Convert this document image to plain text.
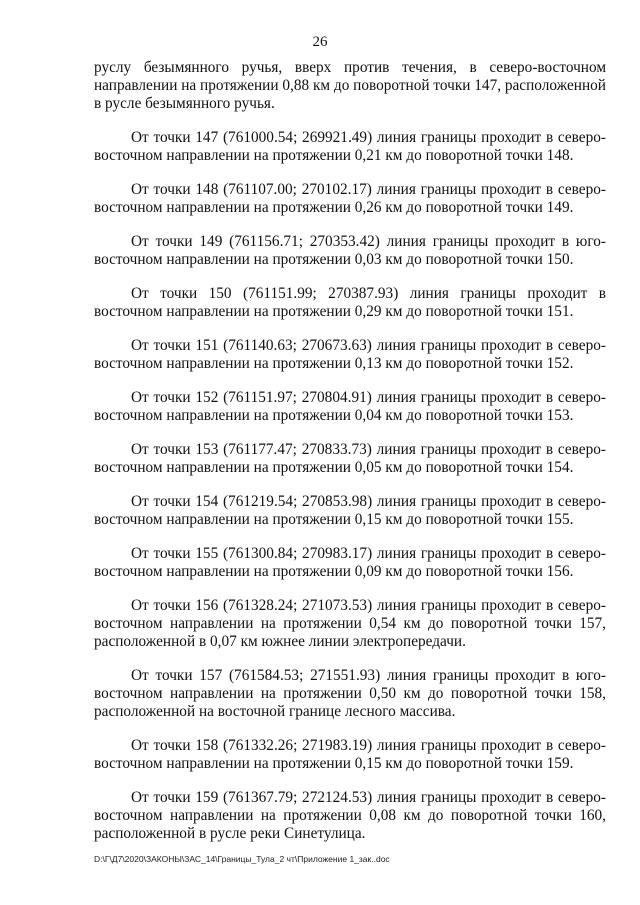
26

руслу безымянного ручья, вверх против течения, в северо-восточном направлении на протяжении 0,88 км до поворотной точки 147, расположенной в русле безымянного ручья.

От точки 147 (761000.54; 269921.49) линия границы проходит в северо-восточном направлении на протяжении 0,21 км до поворотной точки 148.

От точки 148 (761107.00; 270102.17) линия границы проходит в северо-восточном направлении на протяжении 0,26 км до поворотной точки 149.

От точки 149 (761156.71; 270353.42) линия границы проходит в юго-восточном направлении на протяжении 0,03 км до поворотной точки 150.

От точки 150 (761151.99; 270387.93) линия границы проходит в восточном направлении на протяжении 0,29 км до поворотной точки 151.

От точки 151 (761140.63; 270673.63) линия границы проходит в северо-восточном направлении на протяжении 0,13 км до поворотной точки 152.

От точки 152 (761151.97; 270804.91) линия границы проходит в северо-восточном направлении на протяжении 0,04 км до поворотной точки 153.

От точки 153 (761177.47; 270833.73) линия границы проходит в северо-восточном направлении на протяжении 0,05 км до поворотной точки 154.

От точки 154 (761219.54; 270853.98) линия границы проходит в северо-восточном направлении на протяжении 0,15 км до поворотной точки 155.

От точки 155 (761300.84; 270983.17) линия границы проходит в северо-восточном направлении на протяжении 0,09 км до поворотной точки 156.

От точки 156 (761328.24; 271073.53) линия границы проходит в северо-восточном направлении на протяжении 0,54 км до поворотной точки 157, расположенной в 0,07 км южнее линии электропередачи.

От точки 157 (761584.53; 271551.93) линия границы проходит в юго-восточном направлении на протяжении 0,50 км до поворотной точки 158, расположенной на восточной границе лесного массива.

От точки 158 (761332.26; 271983.19) линия границы проходит в северо-восточном направлении на протяжении 0,15 км до поворотной точки 159.

От точки 159 (761367.79; 272124.53) линия границы проходит в северо-восточном направлении на протяжении 0,08 км до поворотной точки 160, расположенной в русле реки Синетулица.

D:\Г\Д7\2020\ЗАКОНЫ\ЗАС_14\Границы_Тула_2 чт\Приложение 1_зак..doc
